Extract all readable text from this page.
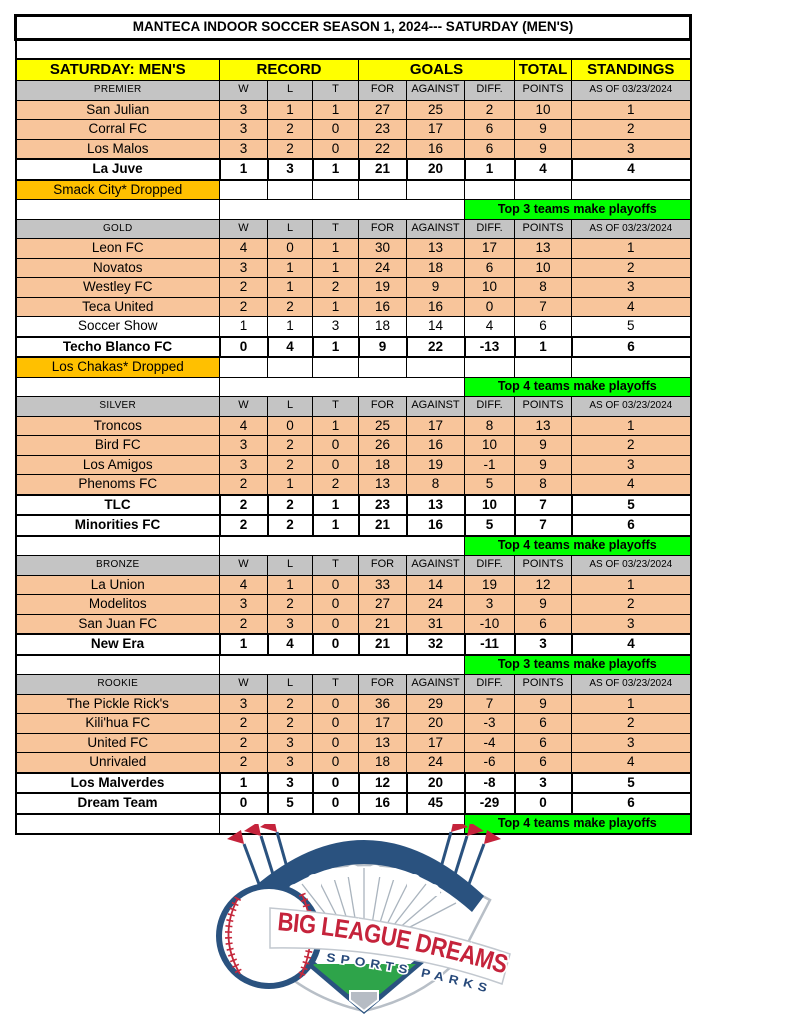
MANTECA INDOOR SOCCER SEASON 1, 2024--- SATURDAY (MEN'S)								

SATURDAY: MEN'S	RECORD			GOALS			TOTAL	STANDINGS
PREMIER	W	L	T	FOR	AGAINST	DIFF.	POINTS	AS OF 03/23/2024
San Julian	3	1	1	27	25	2	10	1
Corral FC	3	2	0	23	17	6	9	2
Los Malos	3	2	0	22	16	6	9	3
La Juve	1	3	1	21	20	1	4	4
Smack City* Dropped								
						Top 3 teams make playoffs		
GOLD	W	L	T	FOR	AGAINST	DIFF.	POINTS	AS OF 03/23/2024
Leon FC	4	0	1	30	13	17	13	1
Novatos	3	1	1	24	18	6	10	2
Westley FC	2	1	2	19	9	10	8	3
Teca United	2	2	1	16	16	0	7	4
Soccer Show	1	1	3	18	14	4	6	5
Techo Blanco FC	0	4	1	9	22	-13	1	6
Los Chakas* Dropped								
						Top 4 teams make playoffs		
SILVER	W	L	T	FOR	AGAINST	DIFF.	POINTS	AS OF 03/23/2024
Troncos	4	0	1	25	17	8	13	1
Bird FC	3	2	0	26	16	10	9	2
Los Amigos	3	2	0	18	19	-1	9	3
Phenoms FC	2	1	2	13	8	5	8	4
TLC	2	2	1	23	13	10	7	5
Minorities FC	2	2	1	21	16	5	7	6
						Top 4 teams make playoffs		
BRONZE	W	L	T	FOR	AGAINST	DIFF.	POINTS	AS OF 03/23/2024
La Union	4	1	0	33	14	19	12	1
Modelitos	3	2	0	27	24	3	9	2
San Juan FC	2	3	0	21	31	-10	6	3
New Era	1	4	0	21	32	-11	3	4
						Top 3 teams make playoffs		
ROOKIE	W	L	T	FOR	AGAINST	DIFF.	POINTS	AS OF 03/23/2024
The Pickle Rick's	3	2	0	36	29	7	9	1
Kili'hua FC	2	2	0	17	20	-3	6	2
United FC	2	3	0	13	17	-4	6	3
Unrivaled	2	3	0	18	24	-6	6	4
Los Malverdes	1	3	0	12	20	-8	3	5
Dream Team	0	5	0	16	45	-29	0	6
						Top 4 teams make playoffs		
BIG LEAGUE DREAMS
SPORTS PARKS
